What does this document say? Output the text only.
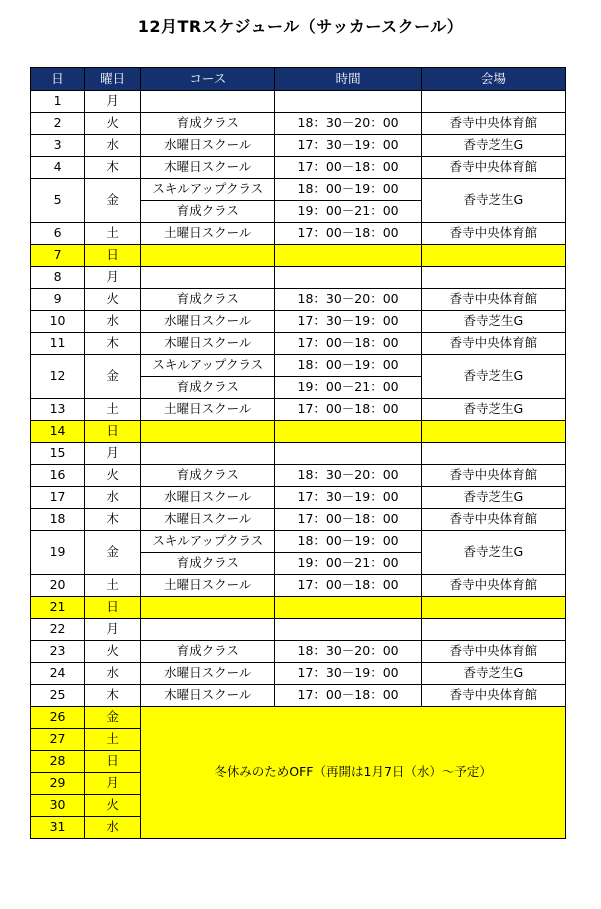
12月TRスケジュール（サッカースクール）
日	曜日	コース	時間	会場
1	月			
2	火	育成クラス	18：30－20：00	香寺中央体育館
3	水	水曜日スクール	17：30－19：00	香寺芝生G
4	木	木曜日スクール	17：00－18：00	香寺中央体育館
5	金	スキルアップクラス	18：00－19：00	香寺芝生G
		育成クラス	19：00－21：00	
6	土	土曜日スクール	17：00－18：00	香寺中央体育館
7	日			
8	月			
9	火	育成クラス	18：30－20：00	香寺中央体育館
10	水	水曜日スクール	17：30－19：00	香寺芝生G
11	木	木曜日スクール	17：00－18：00	香寺中央体育館
12	金	スキルアップクラス	18：00－19：00	香寺芝生G
		育成クラス	19：00－21：00	
13	土	土曜日スクール	17：00－18：00	香寺芝生G
14	日			
15	月			
16	火	育成クラス	18：30－20：00	香寺中央体育館
17	水	水曜日スクール	17：30－19：00	香寺芝生G
18	木	木曜日スクール	17：00－18：00	香寺中央体育館
19	金	スキルアップクラス	18：00－19：00	香寺芝生G
		育成クラス	19：00－21：00	
20	土	土曜日スクール	17：00－18：00	香寺中央体育館
21	日			
22	月			
23	火	育成クラス	18：30－20：00	香寺中央体育館
24	水	水曜日スクール	17：30－19：00	香寺芝生G
25	木	木曜日スクール	17：00－18：00	香寺中央体育館
26	金	冬休みのためOFF（再開は1月7日（水）～予定）		
27	土			
28	日			
29	月			
30	火			
31	水			
